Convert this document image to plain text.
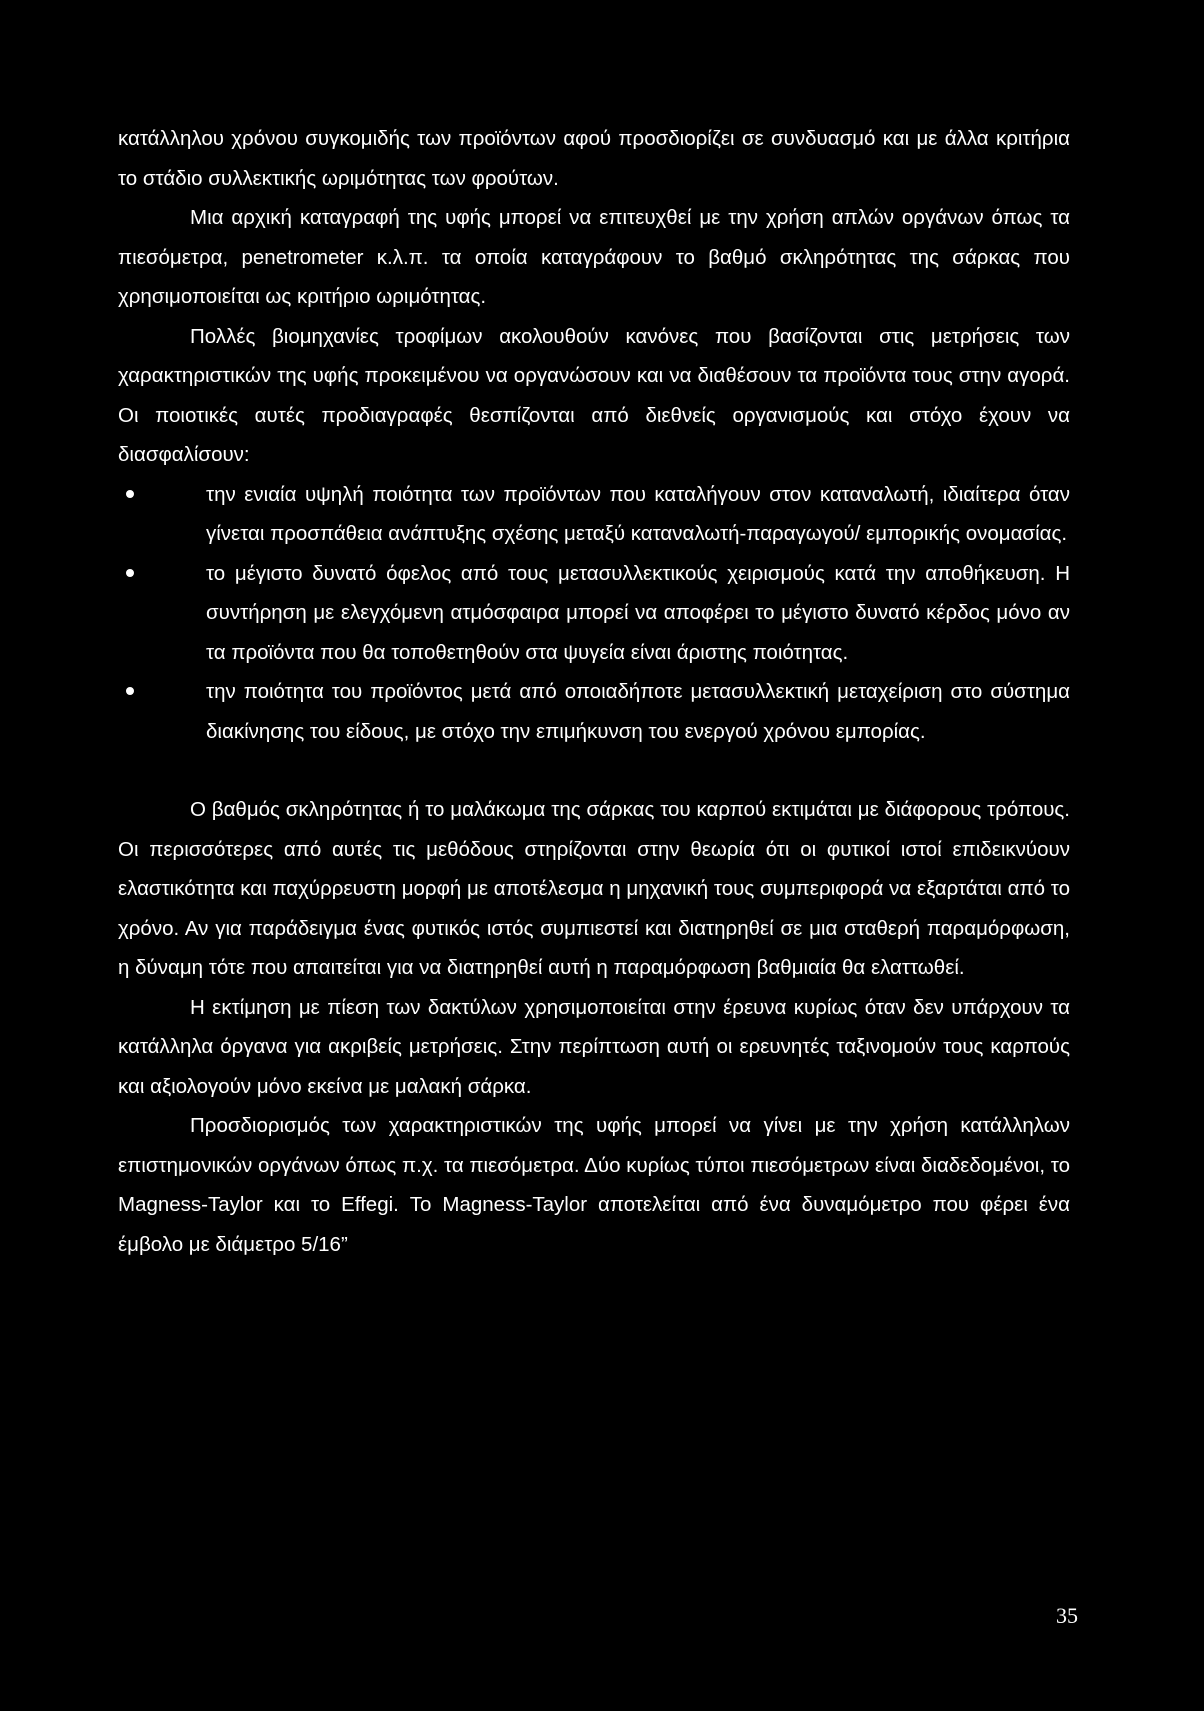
κατάλληλου χρόνου συγκομιδής των προϊόντων αφού προσδιορίζει σε συνδυασμό και με άλλα κριτήρια το στάδιο συλλεκτικής ωριμότητας των φρούτων.

Μια αρχική καταγραφή της υφής μπορεί να επιτευχθεί με την χρήση απλών οργάνων όπως τα πιεσόμετρα, penetrometer κ.λ.π. τα οποία καταγράφουν το βαθμό σκληρότητας της σάρκας που χρησιμοποιείται ως κριτήριο ωριμότητας.

Πολλές βιομηχανίες τροφίμων ακολουθούν κανόνες που βασίζονται στις μετρήσεις των χαρακτηριστικών της υφής προκειμένου να οργανώσουν και να διαθέσουν τα προϊόντα τους στην αγορά. Οι ποιοτικές αυτές προδιαγραφές θεσπίζονται από διεθνείς οργανισμούς και στόχο έχουν να διασφαλίσουν:

την ενιαία υψηλή ποιότητα των προϊόντων που καταλήγουν στον καταναλωτή, ιδιαίτερα όταν γίνεται προσπάθεια ανάπτυξης σχέσης μεταξύ καταναλωτή-παραγωγού/ εμπορικής ονομασίας.
το μέγιστο δυνατό όφελος από τους μετασυλλεκτικούς χειρισμούς κατά την αποθήκευση. Η συντήρηση με ελεγχόμενη ατμόσφαιρα μπορεί να αποφέρει το μέγιστο δυνατό κέρδος μόνο αν τα προϊόντα που θα τοποθετηθούν στα ψυγεία είναι άριστης ποιότητας.
την ποιότητα του προϊόντος μετά από οποιαδήποτε μετασυλλεκτική μεταχείριση στο σύστημα διακίνησης του είδους, με στόχο την επιμήκυνση του ενεργού χρόνου εμπορίας.

Ο βαθμός σκληρότητας ή το μαλάκωμα της σάρκας του καρπού εκτιμάται με διάφορους τρόπους. Οι περισσότερες από αυτές τις μεθόδους στηρίζονται στην θεωρία ότι οι φυτικοί ιστοί επιδεικνύουν ελαστικότητα και παχύρρευστη μορφή με αποτέλεσμα η μηχανική τους συμπεριφορά να εξαρτάται από το χρόνο. Αν για παράδειγμα ένας φυτικός ιστός συμπιεστεί και διατηρηθεί σε μια σταθερή παραμόρφωση, η δύναμη τότε που απαιτείται για να διατηρηθεί αυτή η παραμόρφωση βαθμιαία θα ελαττωθεί.

Η εκτίμηση με πίεση των δακτύλων χρησιμοποιείται στην έρευνα κυρίως όταν δεν υπάρχουν τα κατάλληλα όργανα για ακριβείς μετρήσεις. Στην περίπτωση αυτή οι ερευνητές ταξινομούν τους καρπούς και αξιολογούν μόνο εκείνα με μαλακή σάρκα.

Προσδιορισμός των χαρακτηριστικών της υφής μπορεί να γίνει με την χρήση κατάλληλων επιστημονικών οργάνων όπως π.χ. τα πιεσόμετρα. Δύο κυρίως τύποι πιεσόμετρων είναι διαδεδομένοι, το Magness-Taylor και το Effegi. Το Magness-Taylor αποτελείται από ένα δυναμόμετρο που φέρει ένα έμβολο με διάμετρο 5/16”

35
